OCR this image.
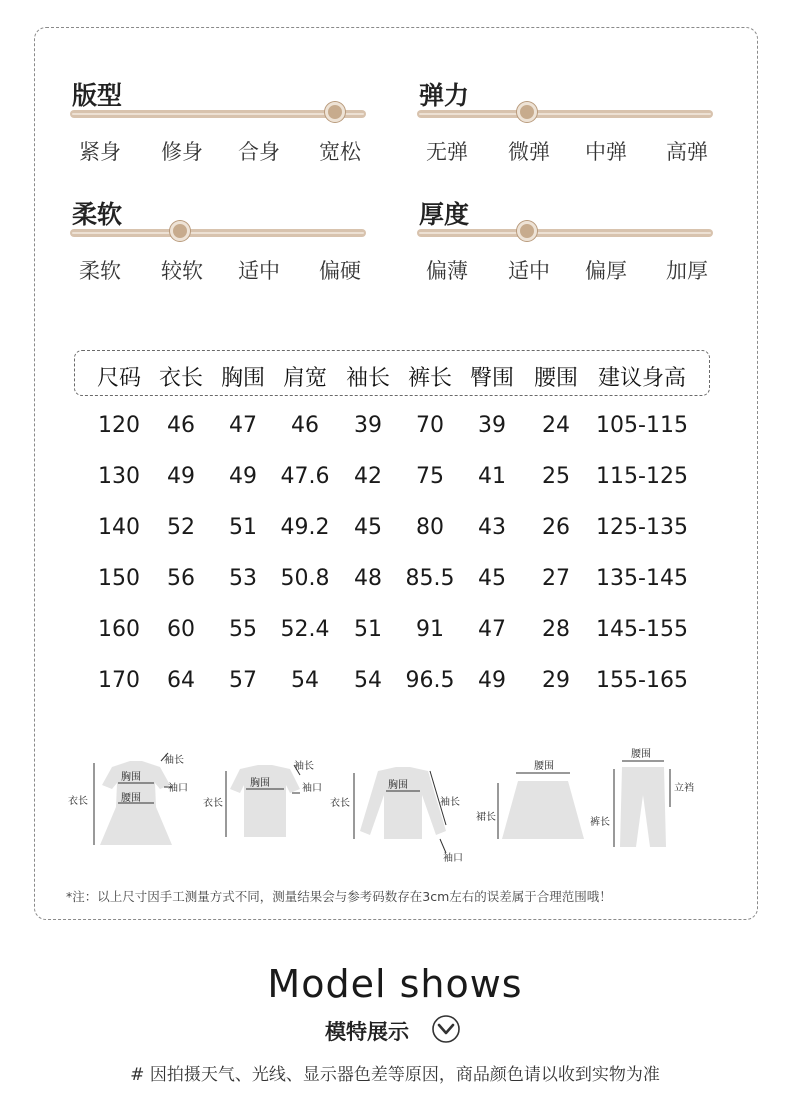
版型
紧身 修身 合身 宽松
弹力
无弹 微弹 中弹 高弹
柔软
柔软 较软 适中 偏硬
厚度
偏薄 适中 偏厚 加厚
尺码 衣长 胸围 肩宽 袖长 裤长 臀围 腰围 建议身高
120 46 47 46 39 70 39 24 105-115
130 49 49 47.6 42 75 41 25 115-125
140 52 51 49.2 45 80 43 26 125-135
150 56 53 50.8 48 85.5 45 27 135-145
160 60 55 52.4 51 91 47 28 145-155
170 64 57 54 54 96.5 49 29 155-165
胸围
腰围
衣长
袖长
袖口	胸围
衣长
袖长
袖口	胸围
衣长	袖长
袖口
腰围
裙长
腰围
立裆
裤长
*注：以上尺寸因手工测量方式不同，测量结果会与参考码数存在3cm左右的误差属于合理范围哦！
Model shows
模特展示
# 因拍摄天气、光线、显示器色差等原因，商品颜色请以收到实物为准
